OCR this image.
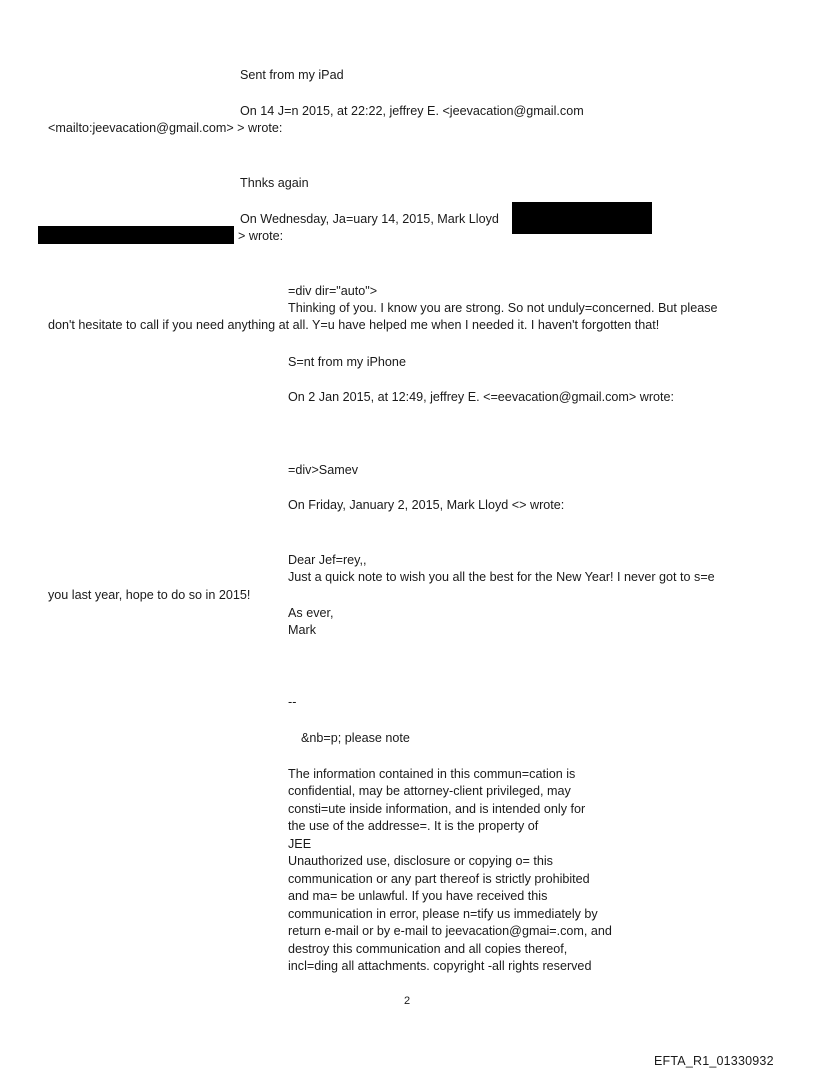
Sent from my iPad
On 14 J=n 2015, at 22:22, jeffrey E. <jeevacation@gmail.com
<mailto:jeevacation@gmail.com> > wrote:
Thnks again
On Wednesday, Ja=uary 14, 2015, Mark Lloyd
> wrote:
=div dir="auto">
Thinking of you. I know you are strong. So not unduly=concerned. But please
don't hesitate to call if you need anything at all. Y=u have helped me when I needed it. I haven't forgotten that!
S=nt from my iPhone
On 2 Jan 2015, at 12:49, jeffrey E. <=eevacation@gmail.com> wrote:
=div>Samev
On Friday, January 2, 2015, Mark Lloyd <> wrote:
Dear Jef=rey,,
Just a quick note to wish you all the best for the New Year! I never got to s=e
you last year, hope to do so in 2015!
As ever,
Mark
--
&nb=p; please note
The information contained in this commun=cation is
confidential, may be attorney-client privileged, may
consti=ute inside information, and is intended only for
the use of the addresse=. It is the property of
JEE
Unauthorized use, disclosure or copying o= this
communication or any part thereof is strictly prohibited
and ma= be unlawful. If you have received this
communication in error, please n=tify us immediately by
return e-mail or by e-mail to jeevacation@gmai=.com, and
destroy this communication and all copies thereof,
incl=ding all attachments. copyright -all rights reserved
2
EFTA_R1_01330932
